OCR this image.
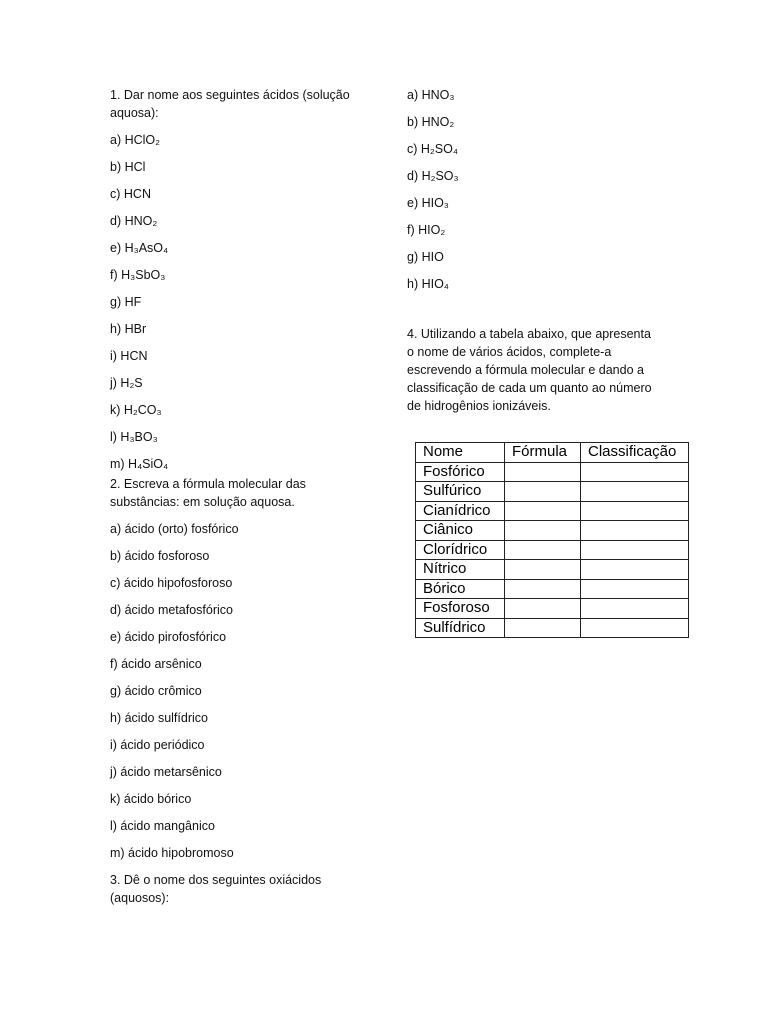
1. Dar nome aos seguintes ácidos (solução

aquosa):

a) HClO₂

b) HCl

c) HCN

d) HNO₂

e) H₃AsO₄

f) H₃SbO₃

g) HF

h) HBr

i) HCN

j) H₂S

k) H₂CO₃

l) H₃BO₃

m) H₄SiO₄

2. Escreva a fórmula molecular das

substâncias: em solução aquosa.

a) ácido (orto) fosfórico

b) ácido fosforoso

c) ácido hipofosforoso

d) ácido metafosfórico

e) ácido pirofosfórico

f) ácido arsênico

g) ácido crômico

h) ácido sulfídrico

i) ácido periódico

j) ácido metarsênico

k) ácido bórico

l) ácido mangânico

m) ácido hipobromoso

3. Dê o nome dos seguintes oxiácidos

(aquosos):

a) HNO₃

b) HNO₂

c) H₂SO₄

d) H₂SO₃

e) HIO₃

f) HIO₂

g) HIO

h) HIO₄

4. Utilizando a tabela abaixo, que apresenta

o nome de vários ácidos, complete-a

escrevendo a fórmula molecular e dando a

classificação de cada um quanto ao número

de hidrogênios ionizáveis.

Nome	Fórmula	Classificação
Fosfórico		
Sulfúrico		
Cianídrico		
Ciânico		
Clorídrico		
Nítrico		
Bórico		
Fosforoso		
Sulfídrico		
